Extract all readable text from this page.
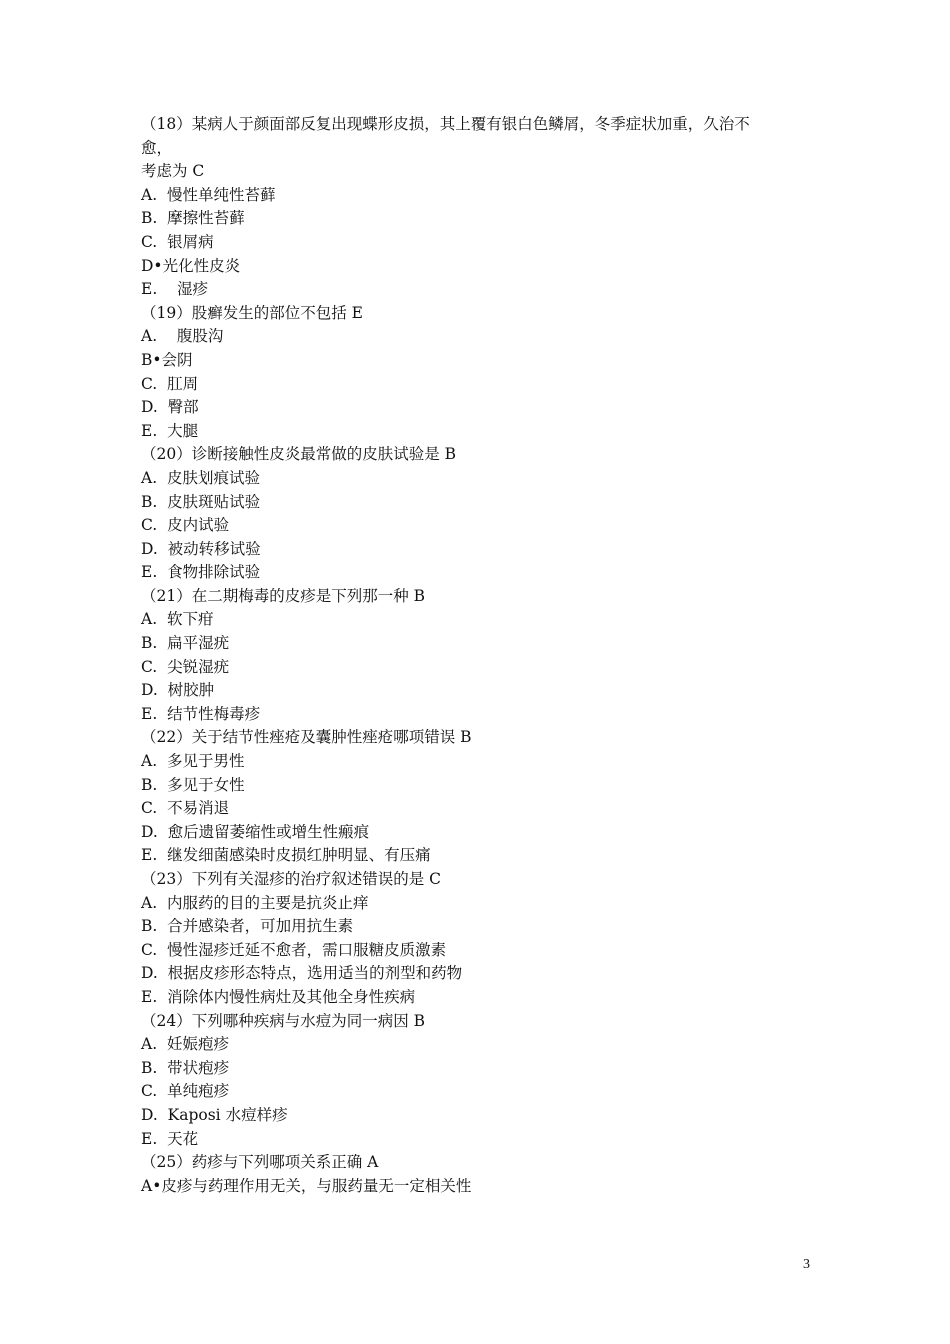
（18）某病人于颜面部反复出现蝶形皮损，其上覆有银白色鳞屑，冬季症状加重，久治不
愈，
考虑为 C
A.  慢性单纯性苔藓
B.  摩擦性苔藓
C.  银屑病
D•光化性皮炎
E.    湿疹
（19）股癣发生的部位不包括 E
A.    腹股沟
B•会阴
C.  肛周
D.  臀部
E.  大腿
（20）诊断接触性皮炎最常做的皮肤试验是 B
A.  皮肤划痕试验
B.  皮肤斑贴试验
C.  皮内试验
D.  被动转移试验
E.  食物排除试验
（21）在二期梅毒的皮疹是下列那一种 B
A.  软下疳
B.  扁平湿疣
C.  尖锐湿疣
D.  树胶肿
E.  结节性梅毒疹
（22）关于结节性痤疮及囊肿性痤疮哪项错误 B
A.  多见于男性
B.  多见于女性
C.  不易消退
D.  愈后遗留萎缩性或增生性瘢痕
E.  继发细菌感染时皮损红肿明显、有压痛
（23）下列有关湿疹的治疗叙述错误的是 C
A.  内服药的目的主要是抗炎止痒
B.  合并感染者，可加用抗生素
C.  慢性湿疹迁延不愈者，需口服糖皮质激素
D.  根据皮疹形态特点，选用适当的剂型和药物
E.  消除体内慢性病灶及其他全身性疾病
（24）下列哪种疾病与水痘为同一病因 B
A.  妊娠疱疹
B.  带状疱疹
C.  单纯疱疹
D.  Kaposi 水痘样疹
E.  天花
（25）药疹与下列哪项关系正确 A
A•皮疹与药理作用无关，与服药量无一定相关性
3
